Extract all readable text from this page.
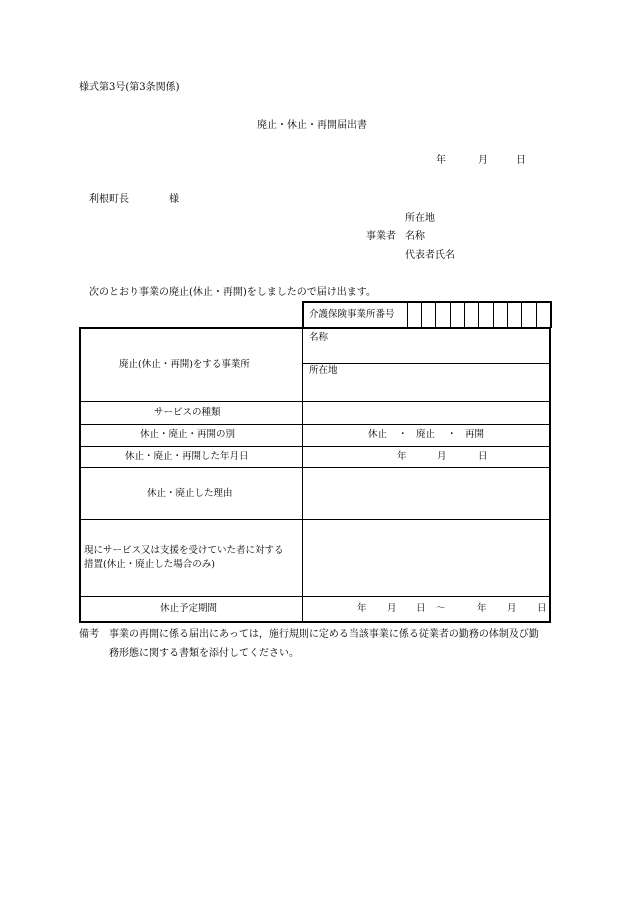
様式第3号(第3条関係)
廃止・休止・再開届出書
年	月	日
利根町長	様
所在地
事業者 名称
代表者氏名
次のとおり事業の廃止(休止・再開)をしましたので届け出ます。
介護保険事業所番号
廃止(休止・再開)をする事業所
名称
所在地
サービスの種類
休止・廃止・再開の別	休止 ・ 廃止 ・ 再開
休止・廃止・再開した年月日	年	月	日
休止・廃止した理由
現にサービス又は支援を受けていた者に対する
措置(休止・廃止した場合のみ)
休止予定期間	年 月 日 ～	年 月 日
備考 事業の再開に係る届出にあっては，施行規則に定める当該事業に係る従業者の勤務の体制及び勤
務形態に関する書類を添付してください。
